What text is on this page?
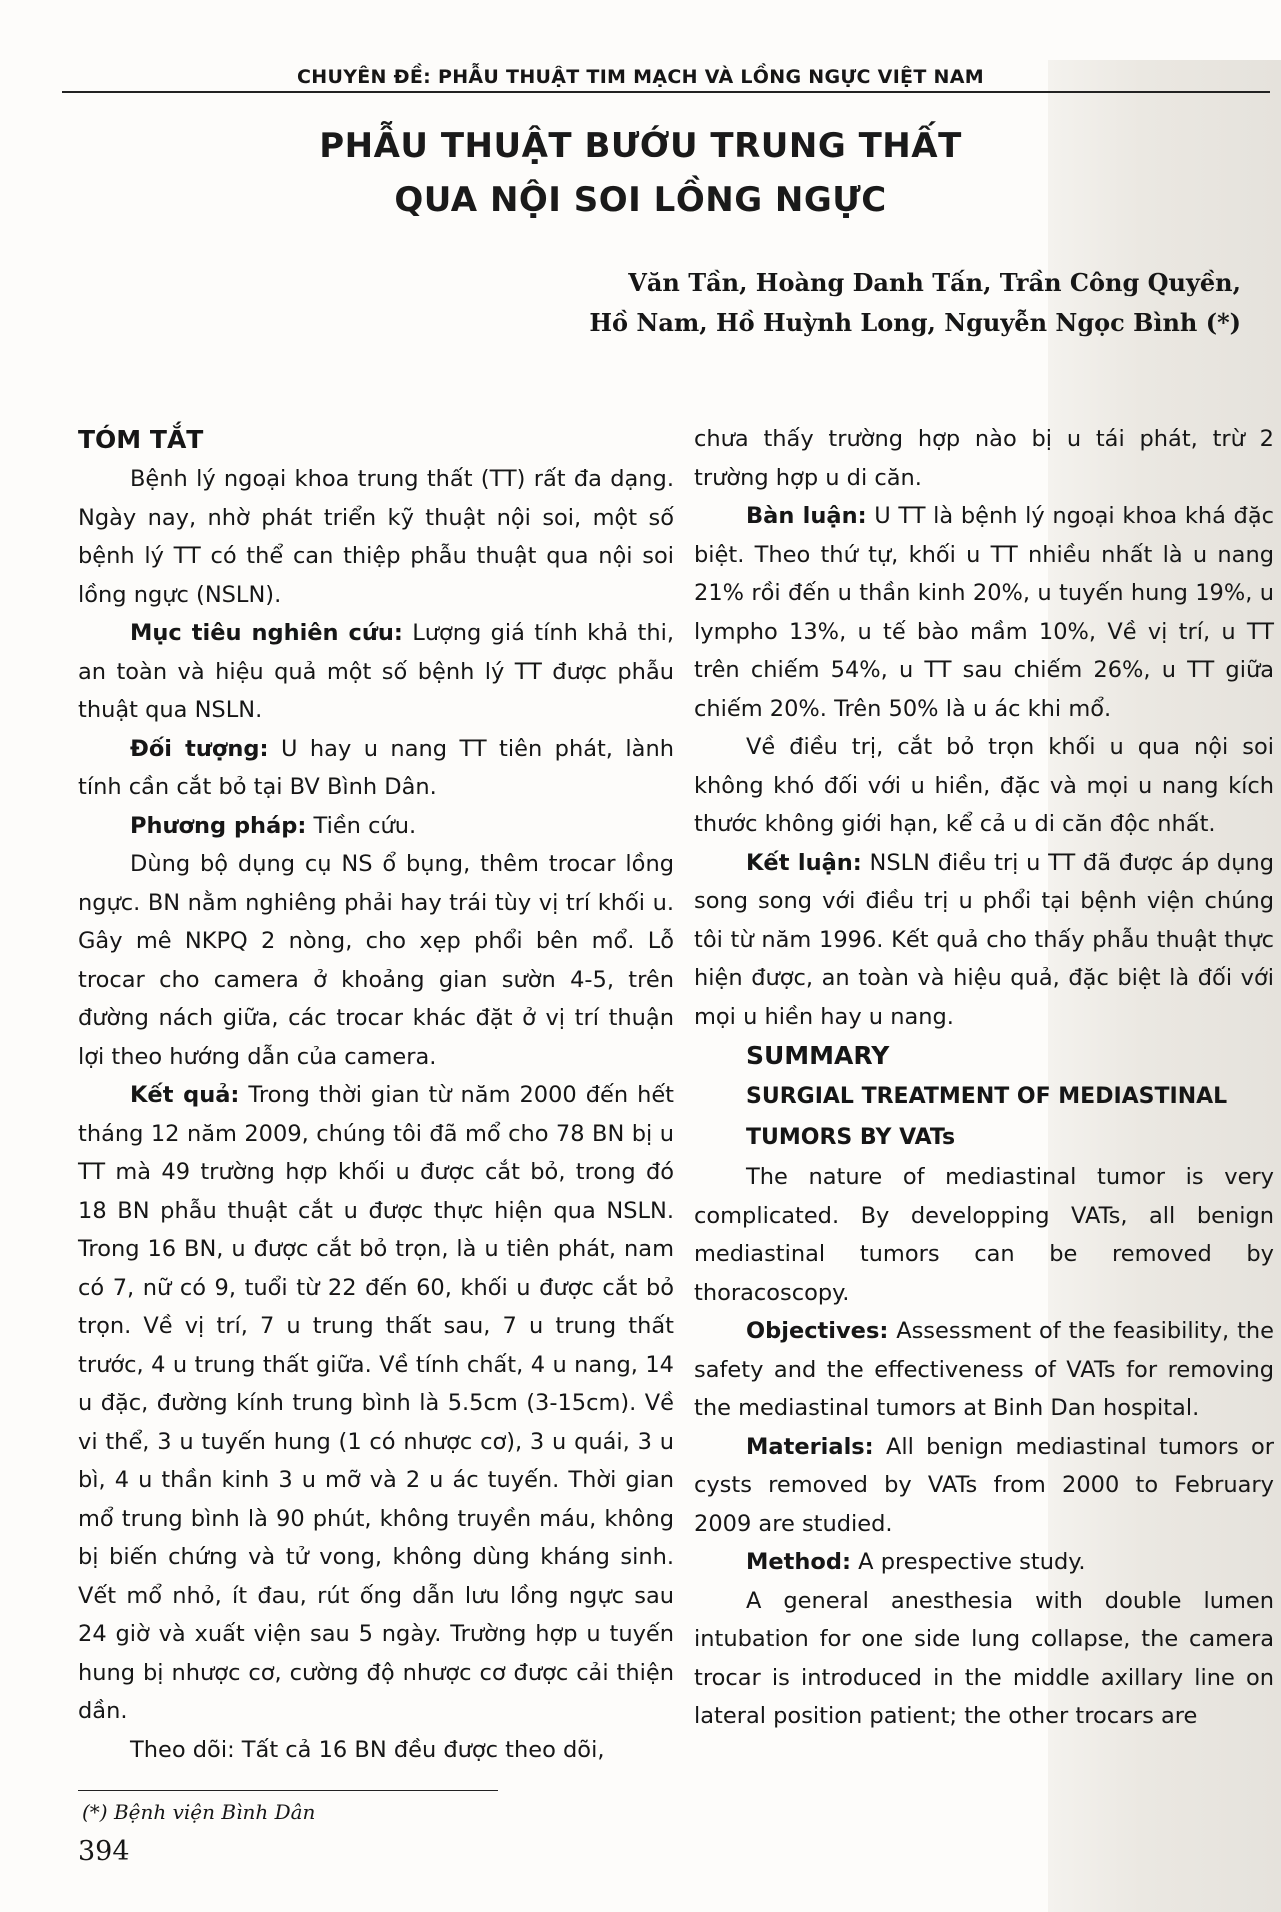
CHUYÊN ĐỀ: PHẪU THUẬT TIM MẠCH VÀ LỒNG NGỰC VIỆT NAM
PHẪU THUẬT BƯỚU TRUNG THẤT
QUA NỘI SOI LỒNG NGỰC
Văn Tần, Hoàng Danh Tấn, Trần Công Quyền,
Hồ Nam, Hồ Huỳnh Long, Nguyễn Ngọc Bình (*)

TÓM TẮT

Bệnh lý ngoại khoa trung thất (TT) rất đa dạng. Ngày nay, nhờ phát triển kỹ thuật nội soi, một số bệnh lý TT có thể can thiệp phẫu thuật qua nội soi lồng ngực (NSLN).

Mục tiêu nghiên cứu: Lượng giá tính khả thi, an toàn và hiệu quả một số bệnh lý TT được phẫu thuật qua NSLN.

Đối tượng: U hay u nang TT tiên phát, lành tính cần cắt bỏ tại BV Bình Dân.

Phương pháp: Tiền cứu.

Dùng bộ dụng cụ NS ổ bụng, thêm trocar lồng ngực. BN nằm nghiêng phải hay trái tùy vị trí khối u. Gây mê NKPQ 2 nòng, cho xẹp phổi bên mổ. Lỗ trocar cho camera ở khoảng gian sườn 4-5, trên đường nách giữa, các trocar khác đặt ở vị trí thuận lợi theo hướng dẫn của camera.

Kết quả: Trong thời gian từ năm 2000 đến hết tháng 12 năm 2009, chúng tôi đã mổ cho 78 BN bị u TT mà 49 trường hợp khối u được cắt bỏ, trong đó 18 BN phẫu thuật cắt u được thực hiện qua NSLN. Trong 16 BN, u được cắt bỏ trọn, là u tiên phát, nam có 7, nữ có 9, tuổi từ 22 đến 60, khối u được cắt bỏ trọn. Về vị trí, 7 u trung thất sau, 7 u trung thất trước, 4 u trung thất giữa. Về tính chất, 4 u nang, 14 u đặc, đường kính trung bình là 5.5cm (3-15cm). Về vi thể, 3 u tuyến hung (1 có nhược cơ), 3 u quái, 3 u bì, 4 u thần kinh 3 u mỡ và 2 u ác tuyến. Thời gian mổ trung bình là 90 phút, không truyền máu, không bị biến chứng và tử vong, không dùng kháng sinh. Vết mổ nhỏ, ít đau, rút ống dẫn lưu lồng ngực sau 24 giờ và xuất viện sau 5 ngày. Trường hợp u tuyến hung bị nhược cơ, cường độ nhược cơ được cải thiện dần.

Theo dõi: Tất cả 16 BN đều được theo dõi,

chưa thấy trường hợp nào bị u tái phát, trừ 2 trường hợp u di căn.

Bàn luận: U TT là bệnh lý ngoại khoa khá đặc biệt. Theo thứ tự, khối u TT nhiều nhất là u nang 21% rồi đến u thần kinh 20%, u tuyến hung 19%, u lympho 13%, u tế bào mầm 10%, Về vị trí, u TT trên chiếm 54%, u TT sau chiếm 26%, u TT giữa chiếm 20%. Trên 50% là u ác khi mổ.

Về điều trị, cắt bỏ trọn khối u qua nội soi không khó đối với u hiền, đặc và mọi u nang kích thước không giới hạn, kể cả u di căn độc nhất.

Kết luận: NSLN điều trị u TT đã được áp dụng song song với điều trị u phổi tại bệnh viện chúng tôi từ năm 1996. Kết quả cho thấy phẫu thuật thực hiện được, an toàn và hiệu quả, đặc biệt là đối với mọi u hiền hay u nang.

SUMMARY

SURGIAL TREATMENT OF MEDIASTINAL

TUMORS BY VATs

The nature of mediastinal tumor is very complicated. By developping VATs, all benign mediastinal tumors can be removed by thoracoscopy.

Objectives: Assessment of the feasibility, the safety and the effectiveness of VATs for removing the mediastinal tumors at Binh Dan hospital.

Materials: All benign mediastinal tumors or cysts removed by VATs from 2000 to February 2009 are studied.

Method: A prespective study.

A general anesthesia with double lumen intubation for one side lung collapse, the camera trocar is introduced in the middle axillary line on lateral position patient; the other trocars are

(*) Bệnh viện Bình Dân
394
